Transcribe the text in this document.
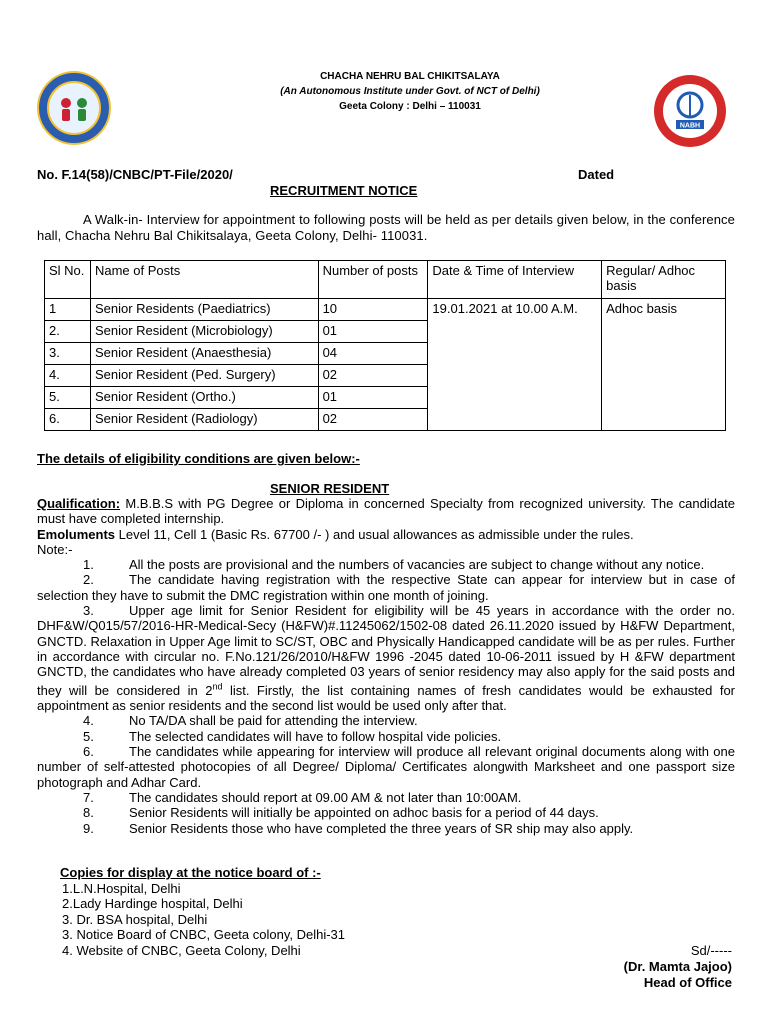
NABH
CHACHA NEHRU BAL CHIKITSALAYA
(An Autonomous Institute under Govt. of NCT of Delhi)
Geeta Colony : Delhi – 110031
No. F.14(58)/CNBC/PT-File/2020/	Dated
RECRUITMENT NOTICE
A Walk-in- Interview for appointment to following posts will be held as per details given below, in the conference hall, Chacha Nehru Bal Chikitsalaya, Geeta Colony, Delhi- 110031.
Sl No.	Name of Posts	Number of posts	Date & Time of Interview	Regular/ Adhoc basis
1	Senior Residents (Paediatrics)	10	19.01.2021 at 10.00 A.M.	Adhoc basis
2.	Senior Resident (Microbiology)	01		
3.	Senior Resident (Anaesthesia)	04		
4.	Senior Resident (Ped. Surgery)	02		
5.	Senior Resident (Ortho.)	01		
6.	Senior Resident (Radiology)	02		
The details of eligibility conditions are given below:-
SENIOR RESIDENT

Qualification: M.B.B.S with PG Degree or Diploma in concerned Specialty from recognized university. The candidate must have completed internship.

Emoluments Level 11, Cell 1 (Basic Rs. 67700 /- ) and usual allowances as admissible under the rules.

Note:-

1.	All the posts are provisional and the numbers of vacancies are subject to change without any notice.

2.	The candidate having registration with the respective State can appear for interview but in case of selection they have to submit the DMC registration within one month of joining.

3.	Upper age limit for Senior Resident for eligibility will be 45 years in accordance with the order no. DHF&W/Q015/57/2016-HR-Medical-Secy (H&FW)#.11245062/1502-08 dated 26.11.2020 issued by H&FW Department, GNCTD. Relaxation in Upper Age limit to SC/ST, OBC and Physically Handicapped candidate will be as per rules. Further in accordance with circular no. F.No.121/26/2010/H&FW 1996 -2045 dated 10-06-2011 issued by H &FW department GNCTD, the candidates who have already completed 03 years of senior residency may also apply for the said posts and they will be considered in 2nd list. Firstly, the list containing names of fresh candidates would be exhausted for appointment as senior residents and the second list would be used only after that.

4.	No TA/DA shall be paid for attending the interview.

5.	The selected candidates will have to follow hospital vide policies.

6.	The candidates while appearing for interview will produce all relevant original documents along with one number of self-attested photocopies of all Degree/ Diploma/ Certificates alongwith Marksheet and one passport size photograph and Adhar Card.

7.	The candidates should report at 09.00 AM & not later than 10:00AM.

8.	Senior Residents will initially be appointed on adhoc basis for a period of 44 days.

9.	Senior Residents those who have completed the three years of SR ship may also apply.

Copies for display at the notice board of :-
1.L.N.Hospital, Delhi
2.Lady Hardinge hospital, Delhi
3. Dr. BSA hospital, Delhi
3. Notice Board of CNBC, Geeta colony, Delhi-31
4. Website of CNBC, Geeta Colony, Delhi	Sd/-----
(Dr. Mamta Jajoo)
Head of Office
